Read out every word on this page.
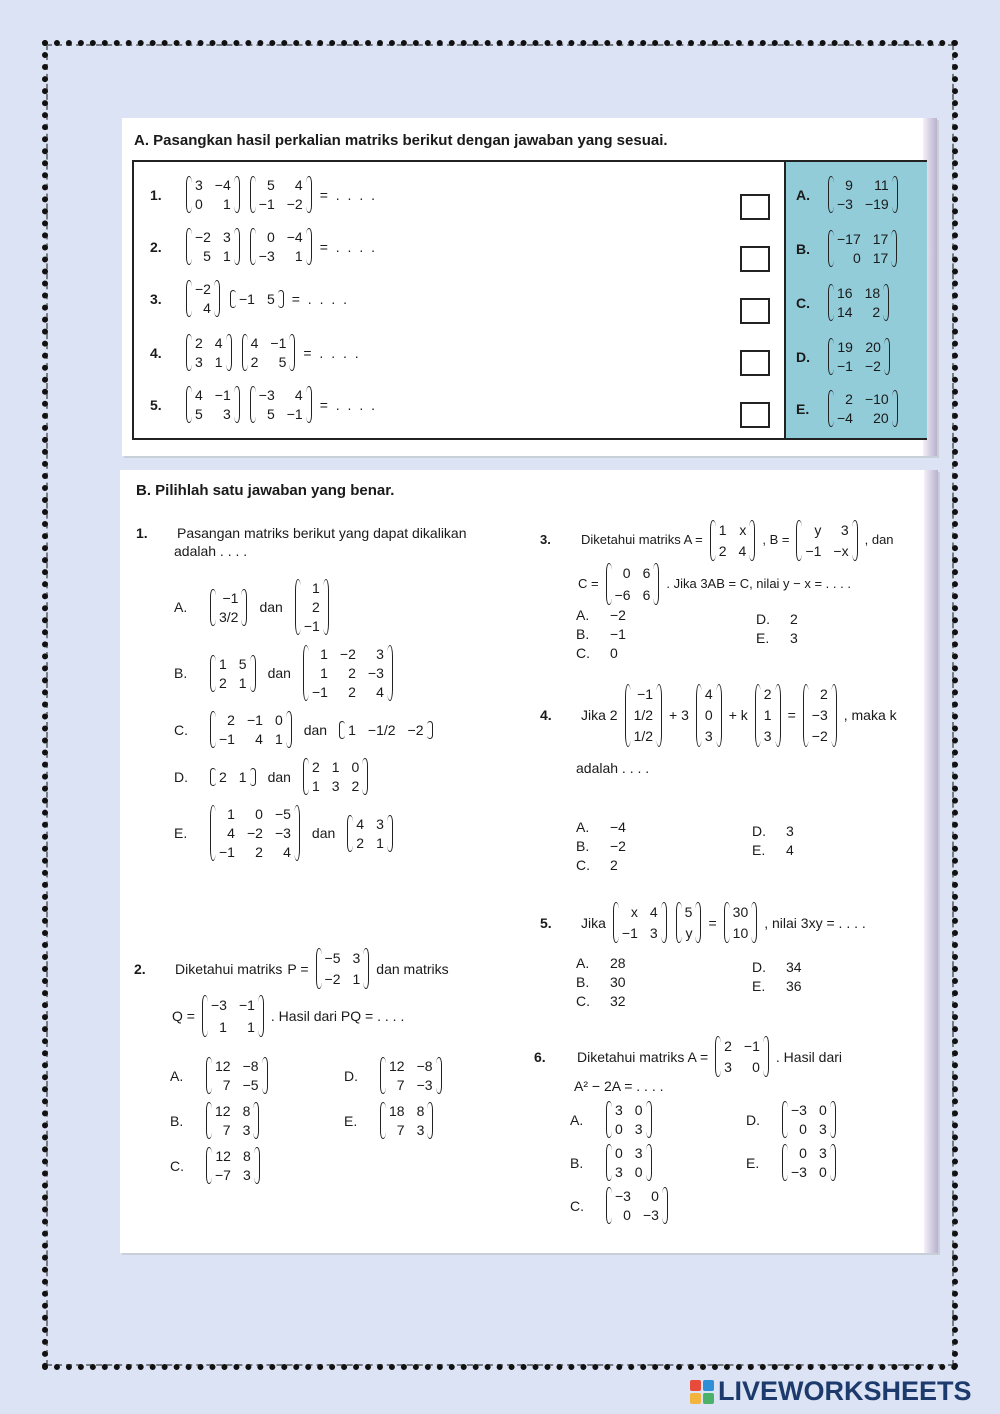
A. Pasangkan hasil perkalian matriks berikut dengan jawaban yang sesuai.
1.
3 −4
0	1
5	4
−1 −2
= . . . .
2.
−2 3
5 1
0 −4
−3	1
= . . . .
3.
−2
4
−1 5 = . . . .
4.
2 4
3 1
4 −1
2	5
= . . . .
5.
4 −1
5	3
−3	4
5 −1
= . . . .
A.
9	11
−3 −19
B.
−17 17
0 17
C.
16 18
14	2
D.
19 20
−1 −2
E.
2 −10
−4	20
B. Pilihlah satu jawaban yang benar.
1.	Pasangan matriks berikut yang dapat dikalikan
adalah . . . .
A.
−1
3/2
dan
1
2
−1
B.
1 5
2 1
dan
1 −2	3
1	2 −3
−1	2	4
C.
2 −1 0
−1	4 1
dan 1 −1/2 −2
D.	2 1 dan
2 1 0
1 3 2
E.
1	0 −5
4 −2 −3
−1	2	4
dan
4 3
2 1
2.	Diketahui matriks P =
−5 3
−2 1
dan matriks
Q =
−3 −1
1	1
. Hasil dari PQ = . . . .
A.
12 −8
7 −5
B.
12 8
7 3
C.
12 8
−7 3
D.
12 −8
7 −3
E.
18 8
7 3
3.	Diketahui matriks A =
1 x
2 4
, B =
y	3
−1 −x
, dan
C =
0 6
−6 6
. Jika 3AB = C, nilai y − x = . . . .
A.	−2
B.	−1
C.	0
D.	2
E.	3
4.	Jika 2
−1
1/2
1/2
+ 3
4
0
3
+ k
2
1
3
=
2
−3
−2
, maka k
adalah . . . .
A.	−4
B.	−2
C.	2
D.	3
E.	4
5.	Jika
x 4
−1 3
5
y
=
30
10
, nilai 3xy = . . . .
A.	28
B.	30
C.	32
D.	34
E.	36
6.	Diketahui matriks A =
2 −1
3	0
. Hasil dari
A² − 2A = . . . .
A.
3 0
0 3
B.
0 3
3 0
C.
−3	0
0 −3
D.
−3 0
0 3
E.
0 3
−3 0
LIVEWORKSHEETS
